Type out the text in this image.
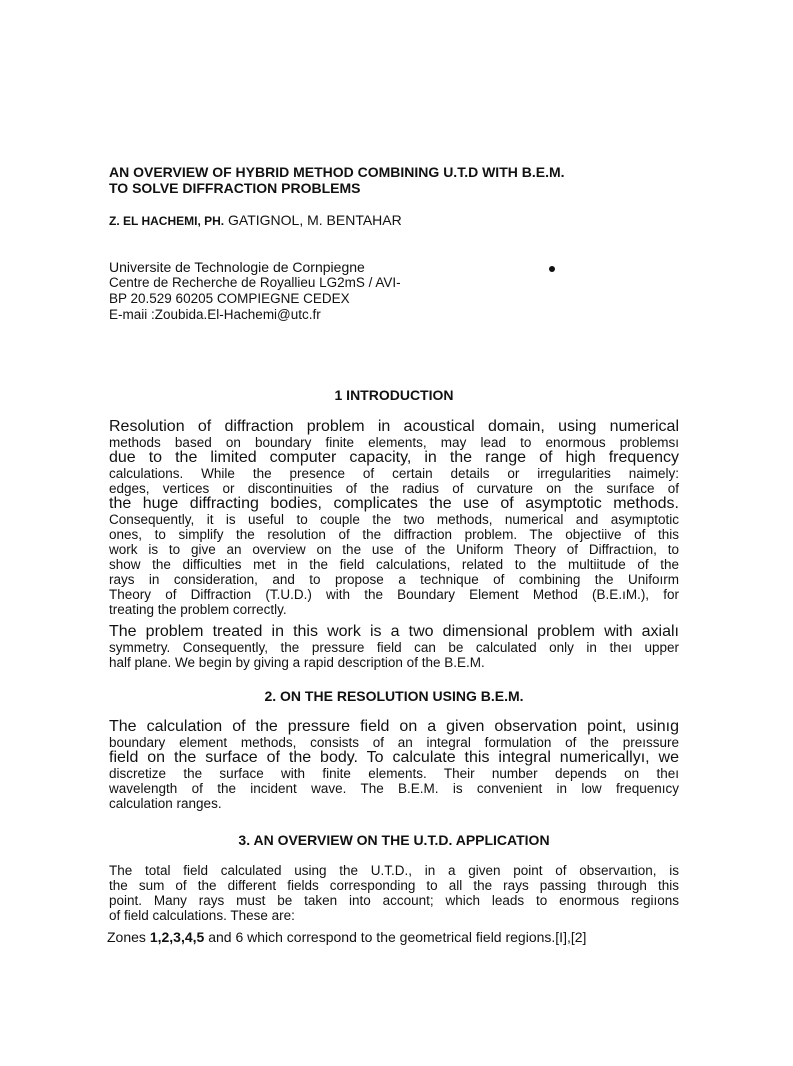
AN OVERVIEW OF HYBRID METHOD COMBINING U.T.D WITH B.E.M.
TO SOLVE DIFFRACTION PROBLEMS

Z. EL HACHEMI, PH. GATIGNOL, M. BENTAHAR

Universite de Technologie de Cornpiegne
Centre de Recherche de Royallieu LG2mS / AVI-
BP 20.529 60205 COMPIEGNE CEDEX
E-maii :Zoubida.El-Hachemi@utc.fr
1 INTRODUCTION
Resolution of diffraction problem in acoustical domain, using numerical
methods based on boundary finite elements, may lead to enormous problemsı
due to the limited computer capacity, in the range of high frequency
calculations. While the presence of certain details or irregularities naimely:
edges, vertices or discontinuities of the radius of curvature on the surıface of
the huge diffracting bodies, complicates the use of asymptotic methods.
Consequently, it is useful to couple the two methods, numerical and asymıptotic
ones, to simplify the resolution of the diffraction problem. The objectiive of this
work is to give an overview on the use of the Uniform Theory of Diffractıion, to
show the difficulties met in the field calculations, related to the multiitude of the
rays in consideration, and to propose a technique of combining the Unifoırm
Theory of Diffraction (T.U.D.) with the Boundary Element Method (B.E.ıM.), for
treating the problem correctly.
The problem treated in this work is a two dimensional problem with axialı
symmetry. Consequently, the pressure field can be calculated only in theı upper
half plane. We begin by giving a rapid description of the B.E.M.
2. ON THE RESOLUTION USING B.E.M.
The calculation of the pressure field on a given observation point, usinıg
boundary element methods, consists of an integral formulation of the preıssure
field on the surface of the body. To calculate this integral numericallyı, we
discretize the surface with finite elements. Their number depends on theı
wavelength of the incident wave. The B.E.M. is convenient in low frequenıcy
calculation ranges.
3. AN OVERVIEW ON THE U.T.D. APPLICATION
The total field calculated using the U.T.D., in a given point of observaıtion, is
the sum of the different fields corresponding to all the rays passing thırough this
point. Many rays must be taken into account; which leads to enormous regiıons
of field calculations. These are:

Zones 1,2,3,4,5 and 6 which correspond to the geometrical field regions.[I],[2]
